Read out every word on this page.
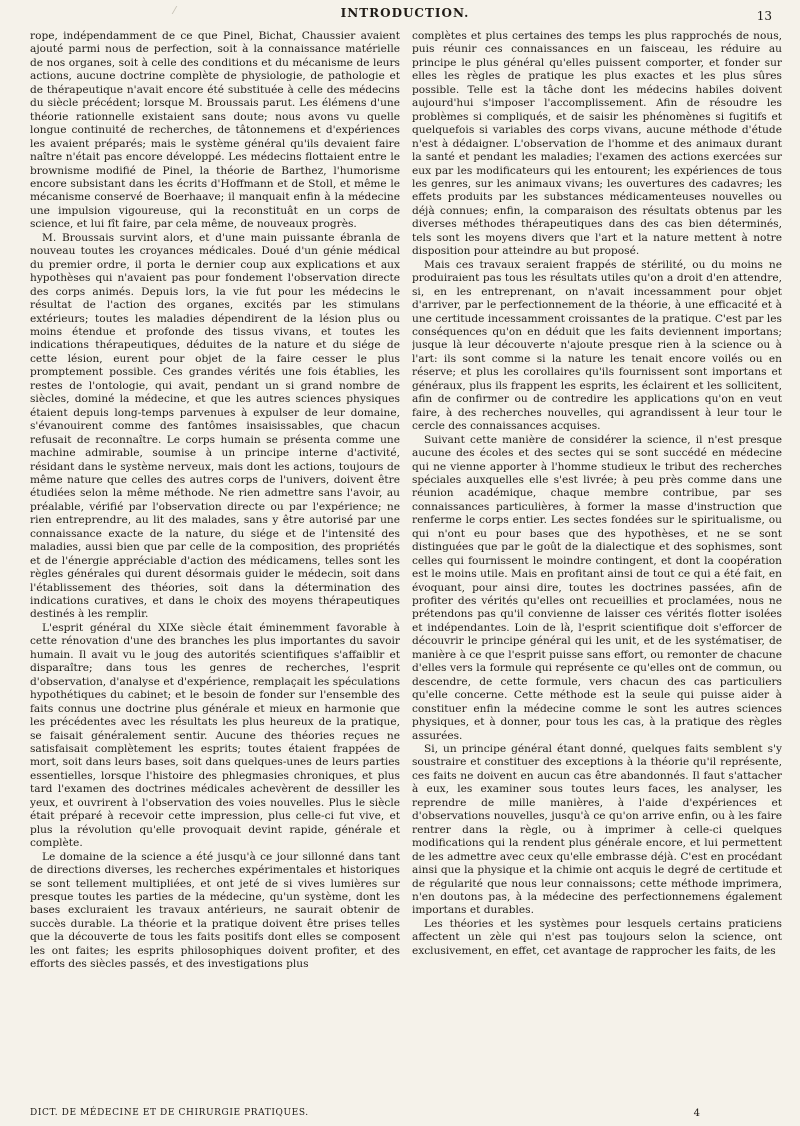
INTRODUCTION.	13

rope, indépendamment de ce que Pinel, Bichat, Chaussier avaient ajouté parmi nous de perfection, soit à la connaissance matérielle de nos organes, soit à celle des conditions et du mécanisme de leurs actions, aucune doctrine complète de physiologie, de pathologie et de thérapeutique n'avait encore été substituée à celle des médecins du siècle précédent; lorsque M. Broussais parut. Les élémens d'une théorie rationnelle existaient sans doute; nous avons vu quelle longue continuité de recherches, de tâtonnemens et d'expériences les avaient préparés; mais le système général qu'ils devaient faire naître n'était pas encore développé. Les médecins flottaient entre le brownisme modifié de Pinel, la théorie de Barthez, l'humorisme encore subsistant dans les écrits d'Hoffmann et de Stoll, et même le mécanisme conservé de Boerhaave; il manquait enfin à la médecine une impulsion vigoureuse, qui la reconstituât en un corps de science, et lui fît faire, par cela même, de nouveaux progrès.

M. Broussais survint alors, et d'une main puissante ébranla de nouveau toutes les croyances médicales. Doué d'un génie médical du premier ordre, il porta le dernier coup aux explications et aux hypothèses qui n'avaient pas pour fondement l'observation directe des corps animés. Depuis lors, la vie fut pour les médecins le résultat de l'action des organes, excités par les stimulans extérieurs; toutes les maladies dépendirent de la lésion plus ou moins étendue et profonde des tissus vivans, et toutes les indications thérapeutiques, déduites de la nature et du siége de cette lésion, eurent pour objet de la faire cesser le plus promptement possible. Ces grandes vérités une fois établies, les restes de l'ontologie, qui avait, pendant un si grand nombre de siècles, dominé la médecine, et que les autres sciences physiques étaient depuis long-temps parvenues à expulser de leur domaine, s'évanouirent comme des fantômes insaisissables, que chacun refusait de reconnaître. Le corps humain se présenta comme une machine admirable, soumise à un principe interne d'activité, résidant dans le système nerveux, mais dont les actions, toujours de même nature que celles des autres corps de l'univers, doivent être étudiées selon la même méthode. Ne rien admettre sans l'avoir, au préalable, vérifié par l'observation directe ou par l'expérience; ne rien entreprendre, au lit des malades, sans y être autorisé par une connaissance exacte de la nature, du siége et de l'intensité des maladies, aussi bien que par celle de la composition, des propriétés et de l'énergie appréciable d'action des médicamens, telles sont les règles générales qui durent désormais guider le médecin, soit dans l'établissement des théories, soit dans la détermination des indications curatives, et dans le choix des moyens thérapeutiques destinés à les remplir.

L'esprit général du XIXe siècle était éminemment favorable à cette rénovation d'une des branches les plus importantes du savoir humain. Il avait vu le joug des autorités scientifiques s'affaiblir et disparaître; dans tous les genres de recherches, l'esprit d'observation, d'analyse et d'expérience, remplaçait les spéculations hypothétiques du cabinet; et le besoin de fonder sur l'ensemble des faits connus une doctrine plus générale et mieux en harmonie que les précédentes avec les résultats les plus heureux de la pratique, se faisait généralement sentir. Aucune des théories reçues ne satisfaisait complètement les esprits; toutes étaient frappées de mort, soit dans leurs bases, soit dans quelques-unes de leurs parties essentielles, lorsque l'histoire des phlegmasies chroniques, et plus tard l'examen des doctrines médicales achevèrent de dessiller les yeux, et ouvrirent à l'observation des voies nouvelles. Plus le siècle était préparé à recevoir cette impression, plus celle-ci fut vive, et plus la révolution qu'elle provoquait devint rapide, générale et complète.

Le domaine de la science a été jusqu'à ce jour sillonné dans tant de directions diverses, les recherches expérimentales et historiques se sont tellement multipliées, et ont jeté de si vives lumières sur presque toutes les parties de la médecine, qu'un système, dont les bases excluraient les travaux antérieurs, ne saurait obtenir de succès durable. La théorie et la pratique doivent être prises telles que la découverte de tous les faits positifs dont elles se composent les ont faites; les esprits philosophiques doivent profiter, et des efforts des siècles passés, et des investigations plus

complètes et plus certaines des temps les plus rapprochés de nous, puis réunir ces connaissances en un faisceau, les réduire au principe le plus général qu'elles puissent comporter, et fonder sur elles les règles de pratique les plus exactes et les plus sûres possible. Telle est la tâche dont les médecins habiles doivent aujourd'hui s'imposer l'accomplissement. Afin de résoudre les problèmes si compliqués, et de saisir les phénomènes si fugitifs et quelquefois si variables des corps vivans, aucune méthode d'étude n'est à dédaigner. L'observation de l'homme et des animaux durant la santé et pendant les maladies; l'examen des actions exercées sur eux par les modificateurs qui les entourent; les expériences de tous les genres, sur les animaux vivans; les ouvertures des cadavres; les effets produits par les substances médicamenteuses nouvelles ou déjà connues; enfin, la comparaison des résultats obtenus par les diverses méthodes thérapeutiques dans des cas bien déterminés, tels sont les moyens divers que l'art et la nature mettent à notre disposition pour atteindre au but proposé.

Mais ces travaux seraient frappés de stérilité, ou du moins ne produiraient pas tous les résultats utiles qu'on a droit d'en attendre, si, en les entreprenant, on n'avait incessamment pour objet d'arriver, par le perfectionnement de la théorie, à une efficacité et à une certitude incessamment croissantes de la pratique. C'est par les conséquences qu'on en déduit que les faits deviennent importans; jusque là leur découverte n'ajoute presque rien à la science ou à l'art: ils sont comme si la nature les tenait encore voilés ou en réserve; et plus les corollaires qu'ils fournissent sont importans et généraux, plus ils frappent les esprits, les éclairent et les sollicitent, afin de confirmer ou de contredire les applications qu'on en veut faire, à des recherches nouvelles, qui agrandissent à leur tour le cercle des connaissances acquises.

Suivant cette manière de considérer la science, il n'est presque aucune des écoles et des sectes qui se sont succédé en médecine qui ne vienne apporter à l'homme studieux le tribut des recherches spéciales auxquelles elle s'est livrée; à peu près comme dans une réunion académique, chaque membre contribue, par ses connaissances particulières, à former la masse d'instruction que renferme le corps entier. Les sectes fondées sur le spiritualisme, ou qui n'ont eu pour bases que des hypothèses, et ne se sont distinguées que par le goût de la dialectique et des sophismes, sont celles qui fournissent le moindre contingent, et dont la coopération est le moins utile. Mais en profitant ainsi de tout ce qui a été fait, en évoquant, pour ainsi dire, toutes les doctrines passées, afin de profiter des vérités qu'elles ont recueillies et proclamées, nous ne prétendons pas qu'il convienne de laisser ces vérités flotter isolées et indépendantes. Loin de là, l'esprit scientifique doit s'efforcer de découvrir le principe général qui les unit, et de les systématiser, de manière à ce que l'esprit puisse sans effort, ou remonter de chacune d'elles vers la formule qui représente ce qu'elles ont de commun, ou descendre, de cette formule, vers chacun des cas particuliers qu'elle concerne. Cette méthode est la seule qui puisse aider à constituer enfin la médecine comme le sont les autres sciences physiques, et à donner, pour tous les cas, à la pratique des règles assurées.

Si, un principe général étant donné, quelques faits semblent s'y soustraire et constituer des exceptions à la théorie qu'il représente, ces faits ne doivent en aucun cas être abandonnés. Il faut s'attacher à eux, les examiner sous toutes leurs faces, les analyser, les reprendre de mille manières, à l'aide d'expériences et d'observations nouvelles, jusqu'à ce qu'on arrive enfin, ou à les faire rentrer dans la règle, ou à imprimer à celle-ci quelques modifications qui la rendent plus générale encore, et lui permettent de les admettre avec ceux qu'elle embrasse déjà. C'est en procédant ainsi que la physique et la chimie ont acquis le degré de certitude et de régularité que nous leur connaissons; cette méthode imprimera, n'en doutons pas, à la médecine des perfectionnemens également importans et durables.

Les théories et les systèmes pour lesquels certains praticiens affectent un zèle qui n'est pas toujours selon la science, ont exclusivement, en effet, cet avantage de rapprocher les faits, de les

DICT. DE MÉDECINE ET DE CHIRURGIE PRATIQUES.	4
